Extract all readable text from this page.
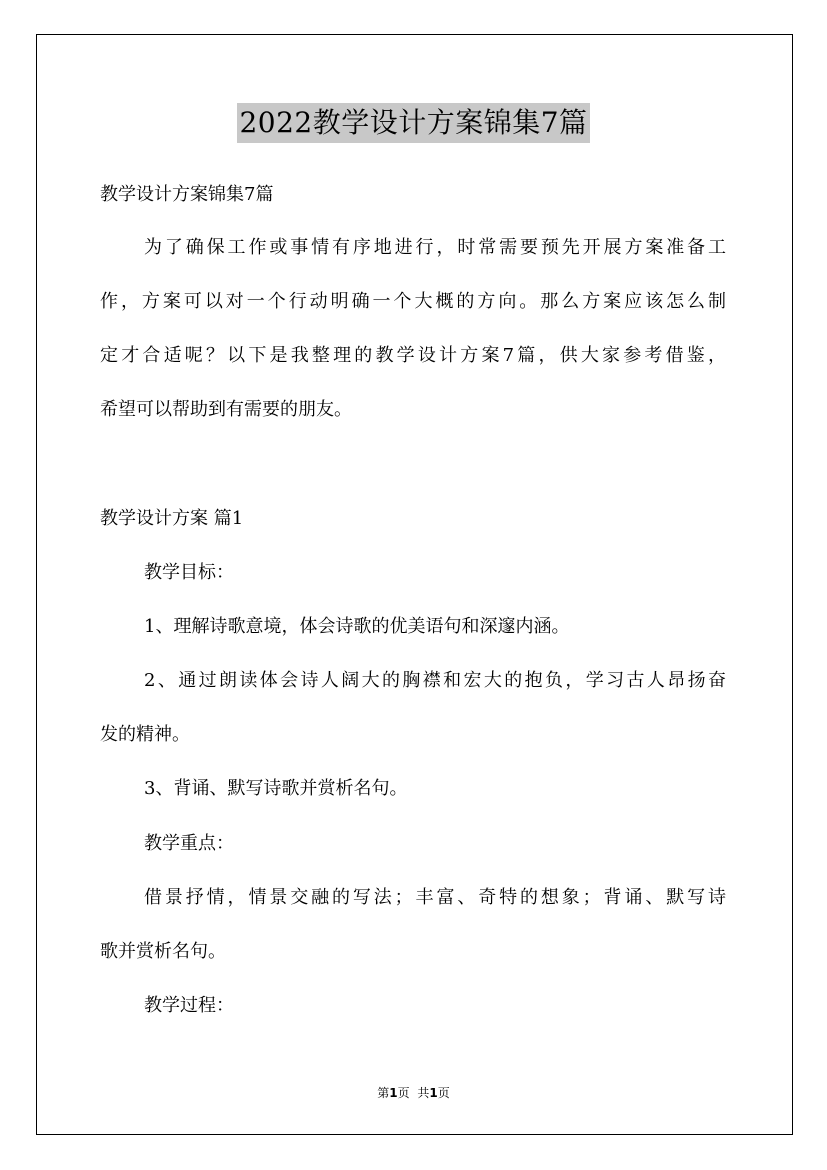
2022教学设计方案锦集7篇
教学设计方案锦集7篇
为了确保工作或事情有序地进行，时常需要预先开展方案准备工
作，方案可以对一个行动明确一个大概的方向。那么方案应该怎么制
定才合适呢？以下是我整理的教学设计方案7篇，供大家参考借鉴，
希望可以帮助到有需要的朋友。
教学设计方案 篇1
教学目标：
1、理解诗歌意境，体会诗歌的优美语句和深邃内涵。
2、通过朗读体会诗人阔大的胸襟和宏大的抱负，学习古人昂扬奋
发的精神。
3、背诵、默写诗歌并赏析名句。
教学重点：
借景抒情，情景交融的写法；丰富、奇特的想象；背诵、默写诗
歌并赏析名句。
教学过程：
第1页 共1页
